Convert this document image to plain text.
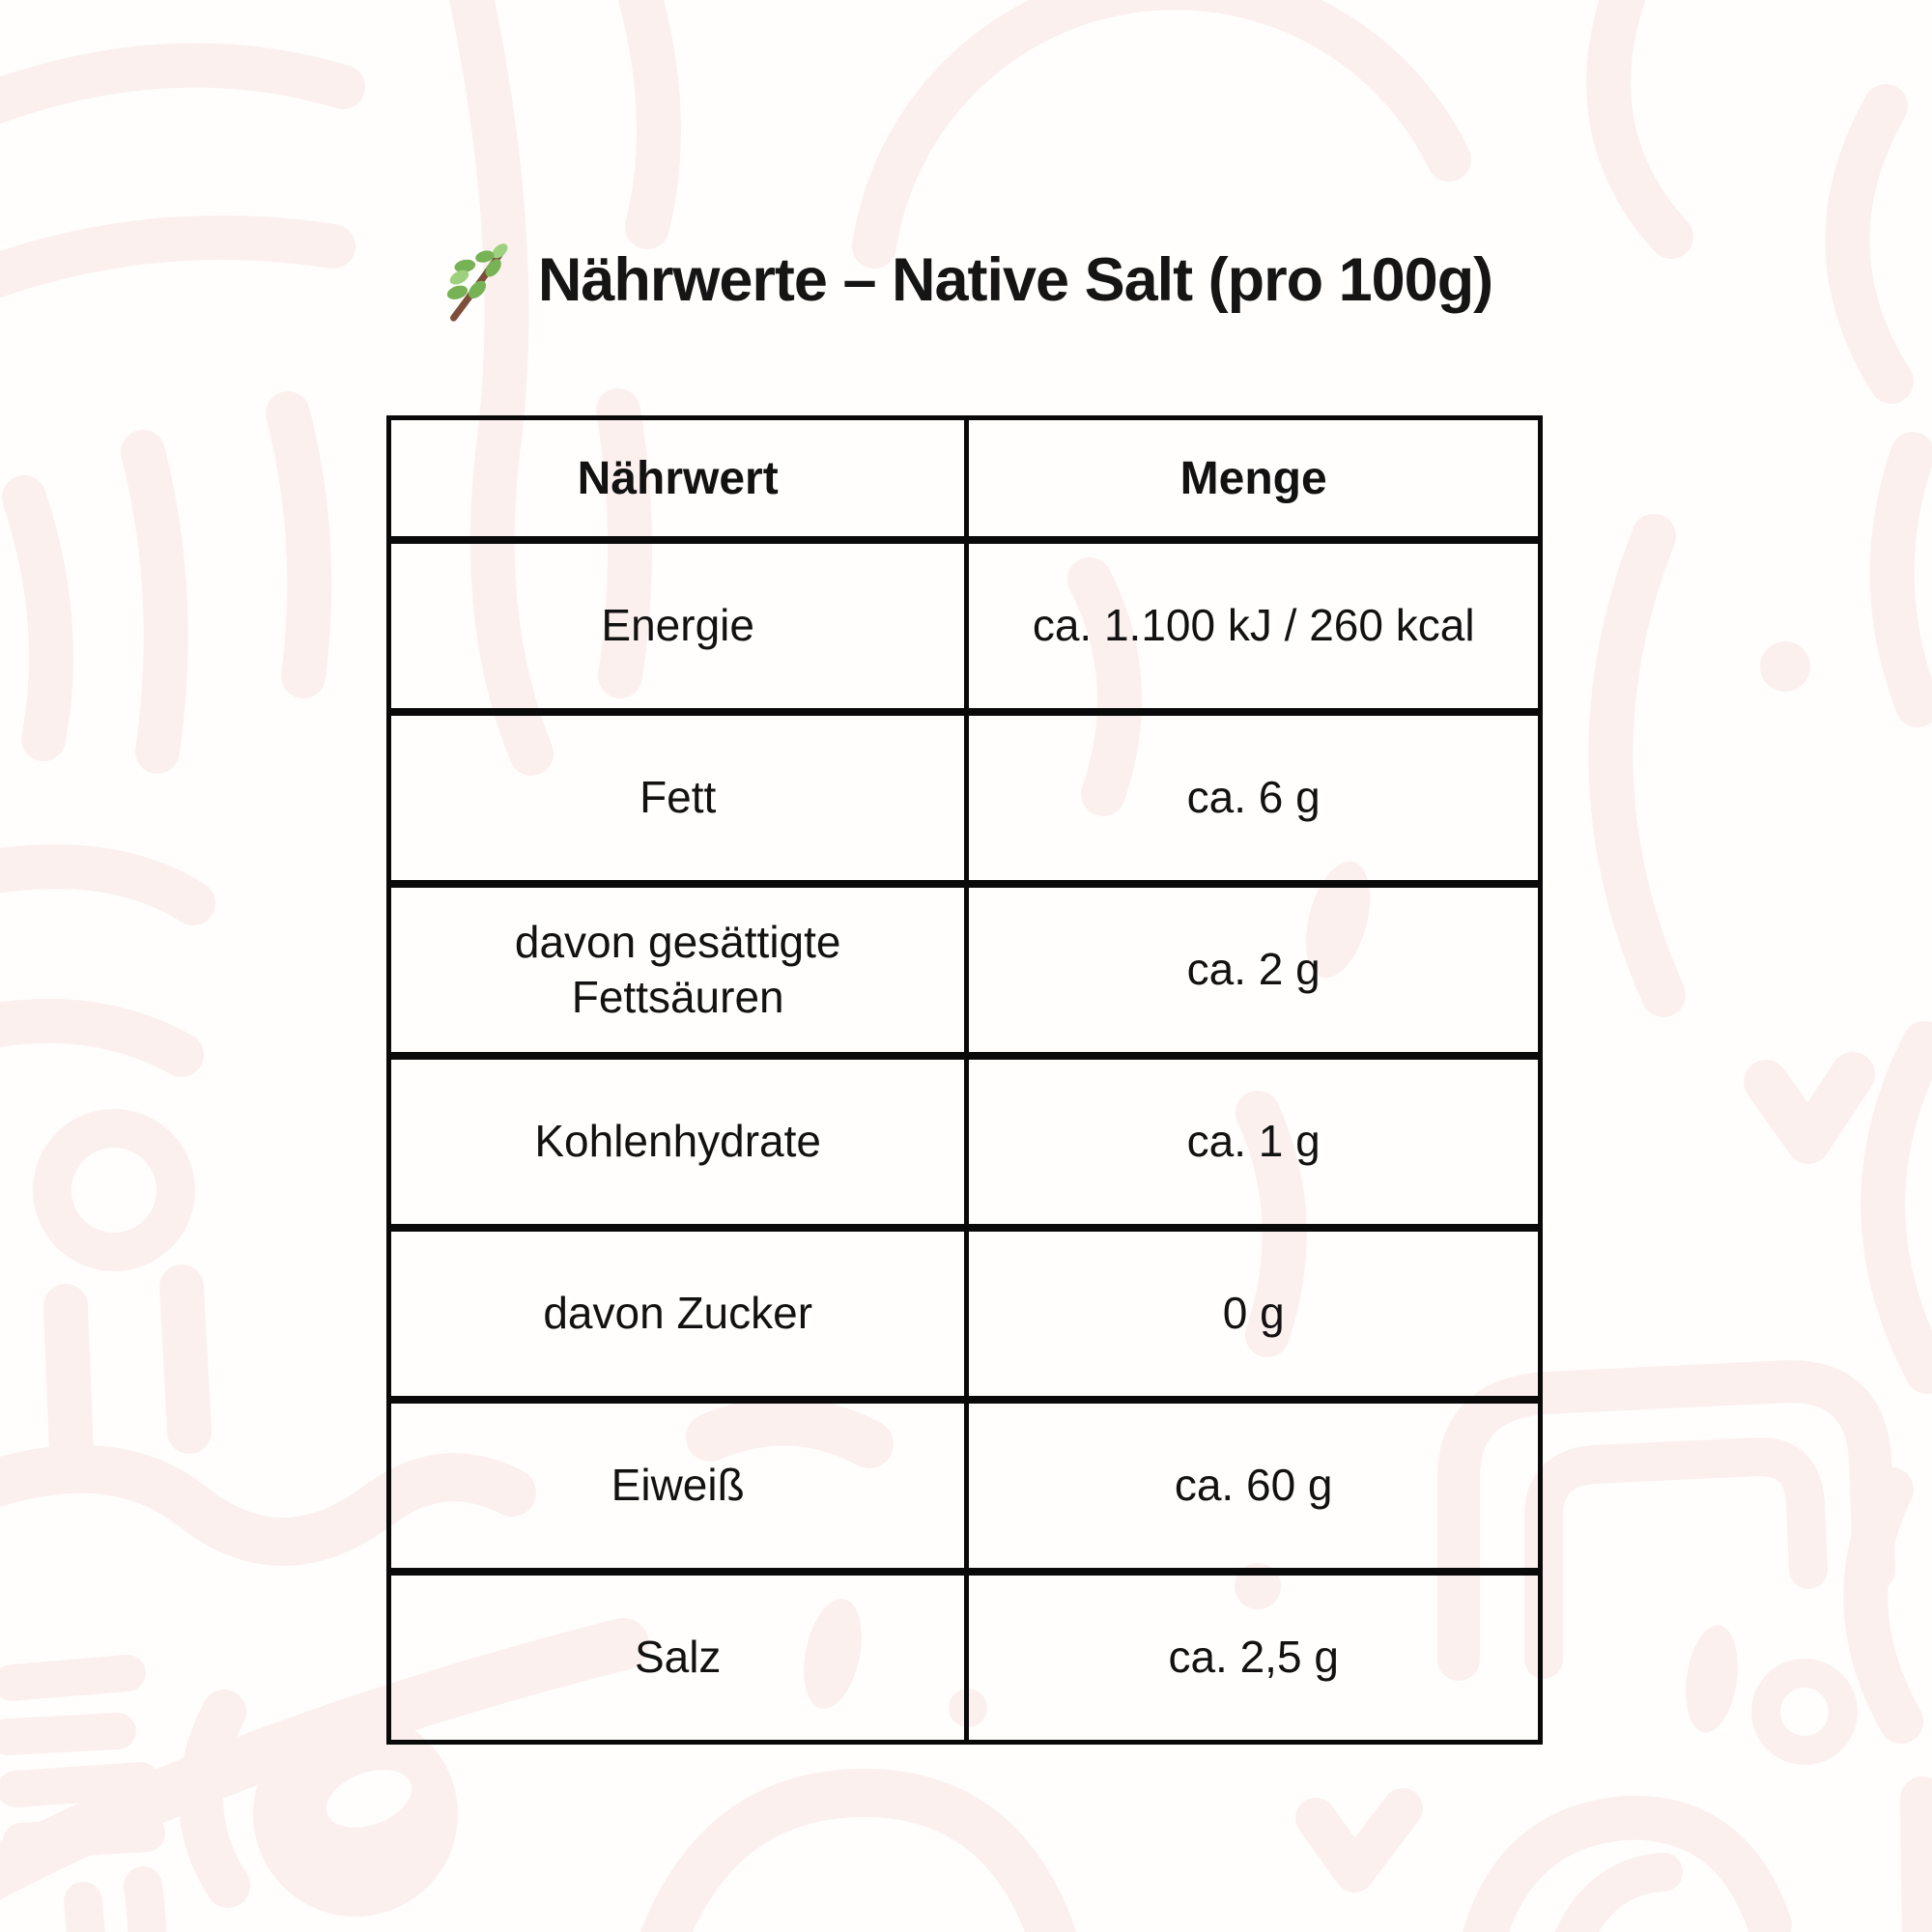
Nährwerte – Native Salt (pro 100g)
Nährwert	Menge
Energie	ca. 1.100 kJ / 260 kcal
Fett	ca. 6 g
davon gesättigte Fettsäuren	ca. 2 g
Kohlenhydrate	ca. 1 g
davon Zucker	0 g
Eiweiß	ca. 60 g
Salz	ca. 2,5 g
